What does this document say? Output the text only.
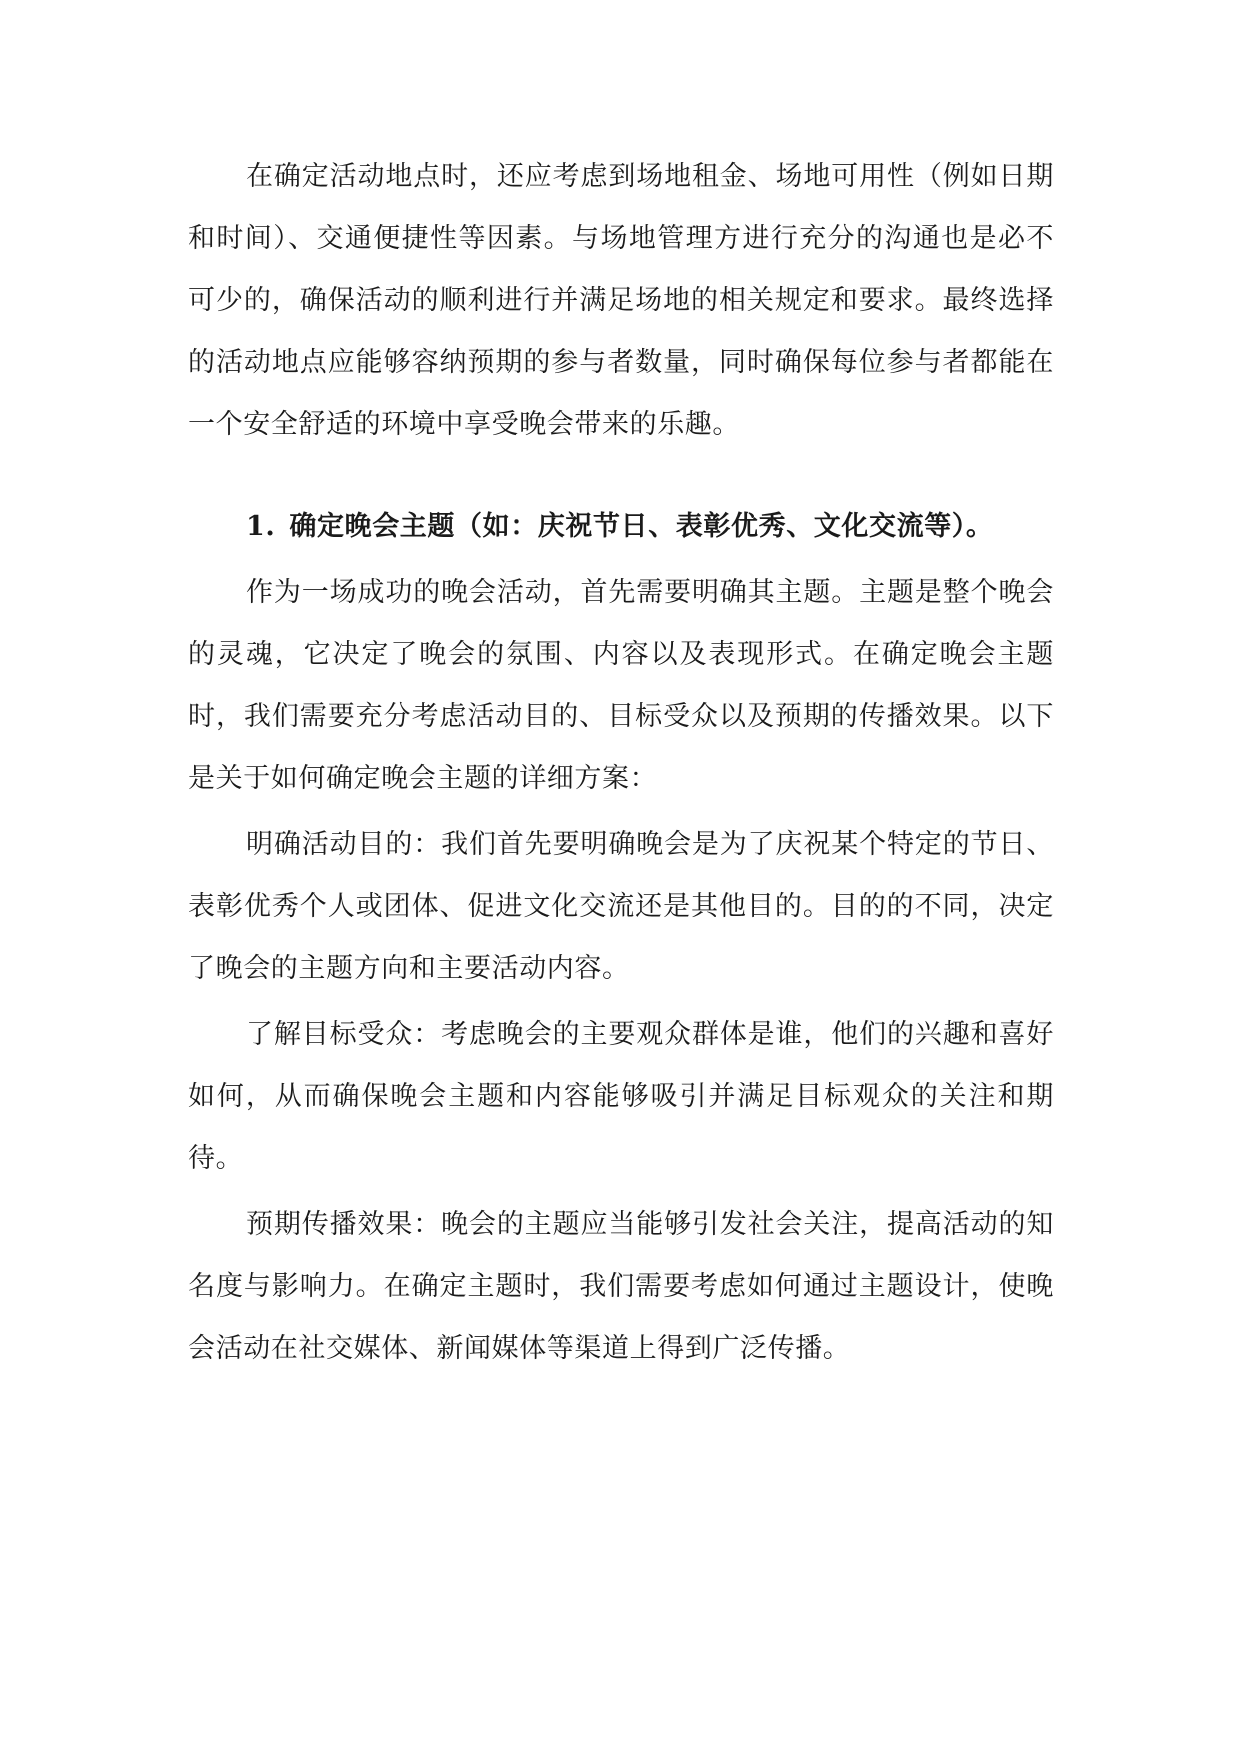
在确定活动地点时，还应考虑到场地租金、场地可用性（例如日期和时间）、交通便捷性等因素。与场地管理方进行充分的沟通也是必不可少的，确保活动的顺利进行并满足场地的相关规定和要求。最终选择的活动地点应能够容纳预期的参与者数量，同时确保每位参与者都能在一个安全舒适的环境中享受晚会带来的乐趣。

1. 确定晚会主题（如：庆祝节日、表彰优秀、文化交流等）。

作为一场成功的晚会活动，首先需要明确其主题。主题是整个晚会的灵魂，它决定了晚会的氛围、内容以及表现形式。在确定晚会主题时，我们需要充分考虑活动目的、目标受众以及预期的传播效果。以下是关于如何确定晚会主题的详细方案：

明确活动目的：我们首先要明确晚会是为了庆祝某个特定的节日、表彰优秀个人或团体、促进文化交流还是其他目的。目的的不同，决定了晚会的主题方向和主要活动内容。

了解目标受众：考虑晚会的主要观众群体是谁，他们的兴趣和喜好如何，从而确保晚会主题和内容能够吸引并满足目标观众的关注和期待。

预期传播效果：晚会的主题应当能够引发社会关注，提高活动的知名度与影响力。在确定主题时，我们需要考虑如何通过主题设计，使晚会活动在社交媒体、新闻媒体等渠道上得到广泛传播。
